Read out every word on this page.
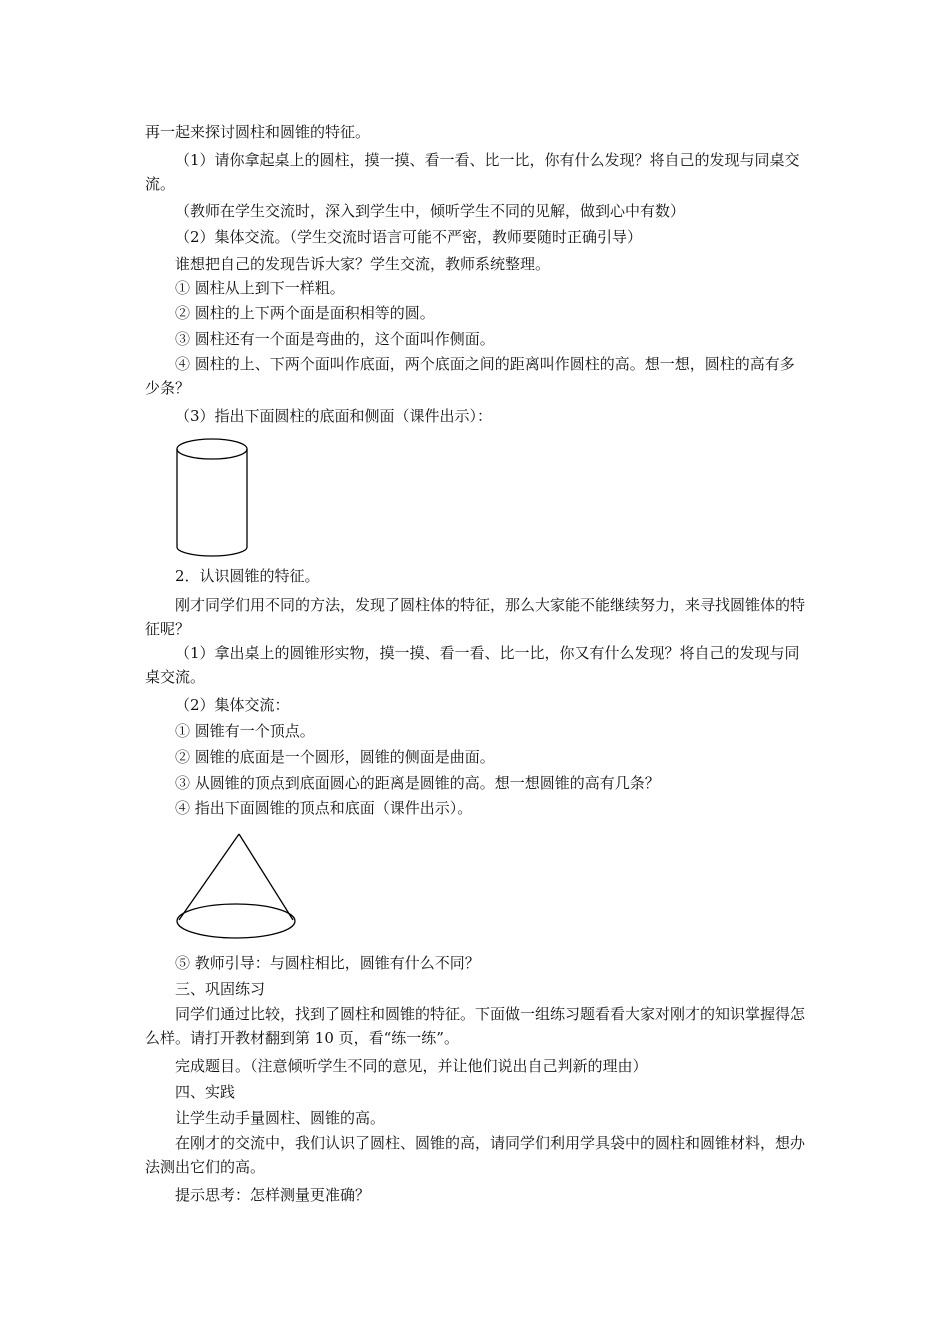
再一起来探讨圆柱和圆锥的特征。

（1）请你拿起桌上的圆柱，摸一摸、看一看、比一比，你有什么发现？将自己的发现与同桌交流。

（教师在学生交流时，深入到学生中，倾听学生不同的见解，做到心中有数）

（2）集体交流。（学生交流时语言可能不严密，教师要随时正确引导）

谁想把自己的发现告诉大家？学生交流，教师系统整理。

① 圆柱从上到下一样粗。

② 圆柱的上下两个面是面积相等的圆。

③ 圆柱还有一个面是弯曲的，这个面叫作侧面。

④ 圆柱的上、下两个面叫作底面，两个底面之间的距离叫作圆柱的高。想一想，圆柱的高有多少条？

（3）指出下面圆柱的底面和侧面（课件出示）：

2．认识圆锥的特征。

刚才同学们用不同的方法，发现了圆柱体的特征，那么大家能不能继续努力，来寻找圆锥体的特征呢？

（1）拿出桌上的圆锥形实物，摸一摸、看一看、比一比，你又有什么发现？将自己的发现与同桌交流。

（2）集体交流：

① 圆锥有一个顶点。

② 圆锥的底面是一个圆形，圆锥的侧面是曲面。

③ 从圆锥的顶点到底面圆心的距离是圆锥的高。想一想圆锥的高有几条？

④ 指出下面圆锥的顶点和底面（课件出示）。

⑤ 教师引导：与圆柱相比，圆锥有什么不同？

三、巩固练习

同学们通过比较，找到了圆柱和圆锥的特征。下面做一组练习题看看大家对刚才的知识掌握得怎么样。请打开教材翻到第 10 页，看“练一练”。

完成题目。（注意倾听学生不同的意见，并让他们说出自己判新的理由）

四、实践

让学生动手量圆柱、圆锥的高。

在刚才的交流中，我们认识了圆柱、圆锥的高，请同学们利用学具袋中的圆柱和圆锥材料，想办法测出它们的高。

提示思考：怎样测量更准确？
